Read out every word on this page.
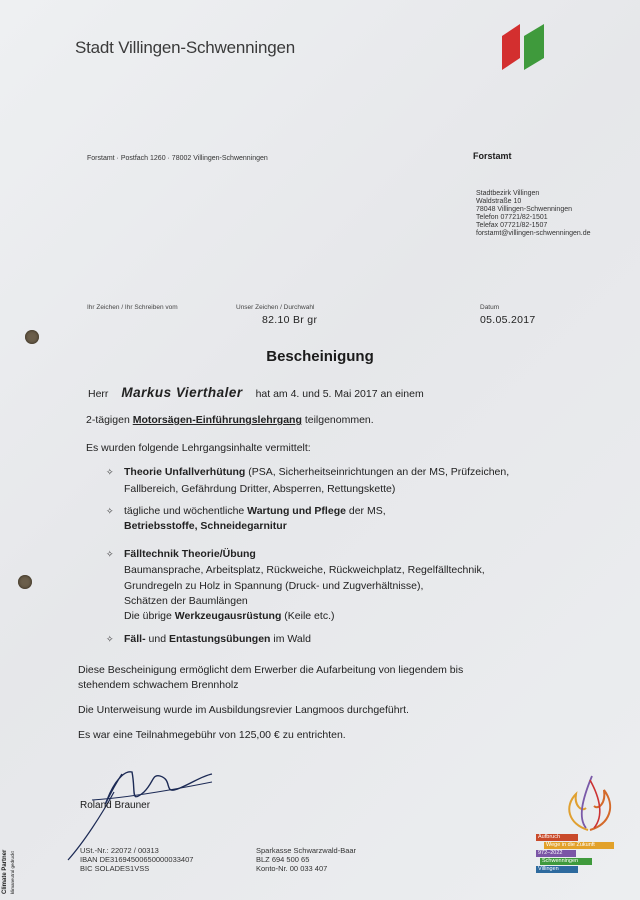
Stadt Villingen-Schwenningen
Forstamt · Postfach 1260 · 78002 Villingen-Schwenningen	Forstamt
Stadtbezirk Villingen
Waldstraße 10
78048 Villingen-Schwenningen
Telefon 07721/82-1501
Telefax 07721/82-1507
forstamt@villingen-schwenningen.de
Ihr Zeichen / Ihr Schreiben vom	Unser Zeichen / Durchwahl
82.10 Br gr
Datum
05.05.2017
Bescheinigung
Herr Markus Vierthaler hat am 4. und 5. Mai 2017 an einem
2-tägigen Motorsägen-Einführungslehrgang teilgenommen.
Es wurden folgende Lehrgangsinhalte vermittelt:
✧ Theorie Unfallverhütung (PSA, Sicherheitseinrichtungen an der MS, Prüfzeichen,
Fallbereich, Gefährdung Dritter, Absperren, Rettungskette)
✧ tägliche und wöchentliche Wartung und Pflege der MS,
Betriebsstoffe, Schneidegarnitur
✧ Fälltechnik Theorie/Übung
Baumansprache, Arbeitsplatz, Rückweiche, Rückweichplatz, Regelfälltechnik,
Grundregeln zu Holz in Spannung (Druck- und Zugverhältnisse),
Schätzen der Baumlängen
Die übrige Werkzeugausrüstung (Keile etc.)
✧ Fäll- und Entastungsübungen im Wald
Diese Bescheinigung ermöglicht dem Erwerber die Aufarbeitung von liegendem bis
stehendem schwachem Brennholz
Die Unterweisung wurde im Ausbildungsrevier Langmoos durchgeführt.
Es war eine Teilnahmegebühr von 125,00 € zu entrichten.
Roland Brauner
USt.-Nr.: 22072 / 00313
IBAN DE31694500650000033407
BIC SOLADES1VSS
Sparkasse Schwarzwald-Baar
BLZ 694 500 65
Konto-Nr. 00 033 407
Climate Partner klimaneutral gedruckt
Aufbruch
Wege in die Zukunft
972–2022
Schwenningen
Villingen
